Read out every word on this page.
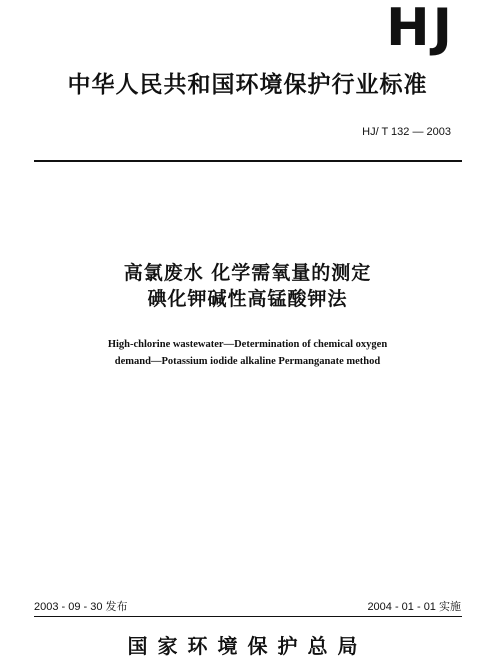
HJ
中华人民共和国环境保护行业标准
HJ/ T 132 — 2003
高氯废水 化学需氧量的测定
碘化钾碱性高锰酸钾法
High-chlorine wastewater—Determination of chemical oxygen
demand—Potassium iodide alkaline Permanganate method
2003 - 09 - 30 发布	2004 - 01 - 01 实施
国家环境保护总局
